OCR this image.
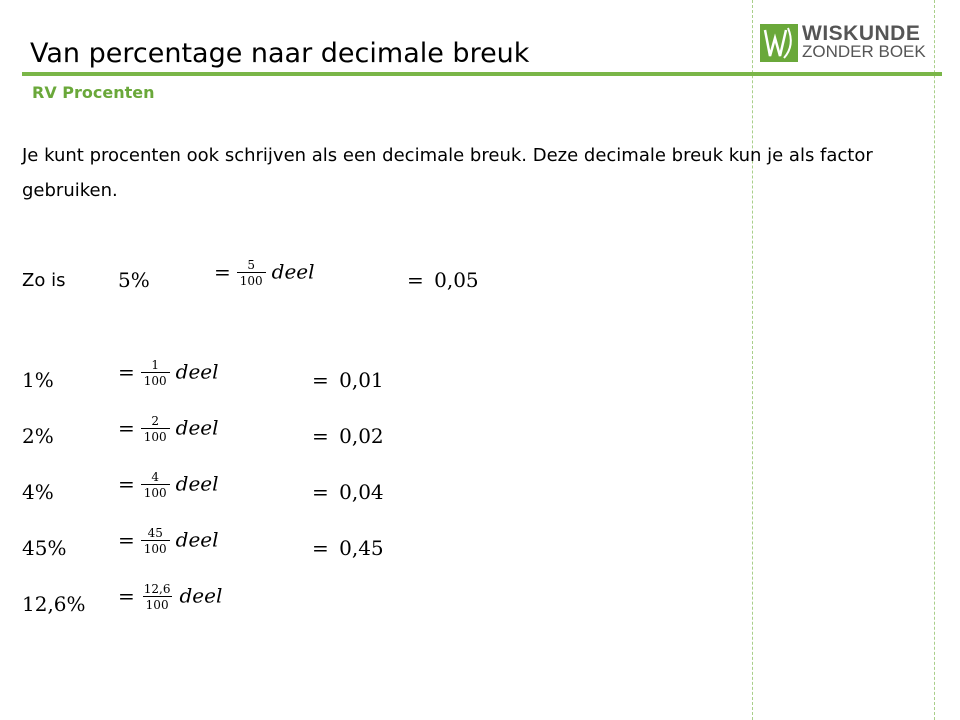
Van percentage naar decimale breuk
RV Procenten
WISKUNDE
ZONDER BOEK
Je kunt procenten ook schrijven als een decimale breuk. Deze decimale breuk kun je als factor gebruiken.
Zo is	5%	= $\frac{5}{100}$ deel	= 0,05
1%	= $\frac{1}{100}$ deel	= 0,01
2%	= $\frac{2}{100}$ deel	= 0,02
4%	= $\frac{4}{100}$ deel	= 0,04
45%	= $\frac{45}{100}$ deel	= 0,45
$12,6\% = \frac{12,6}{100}$ deel
